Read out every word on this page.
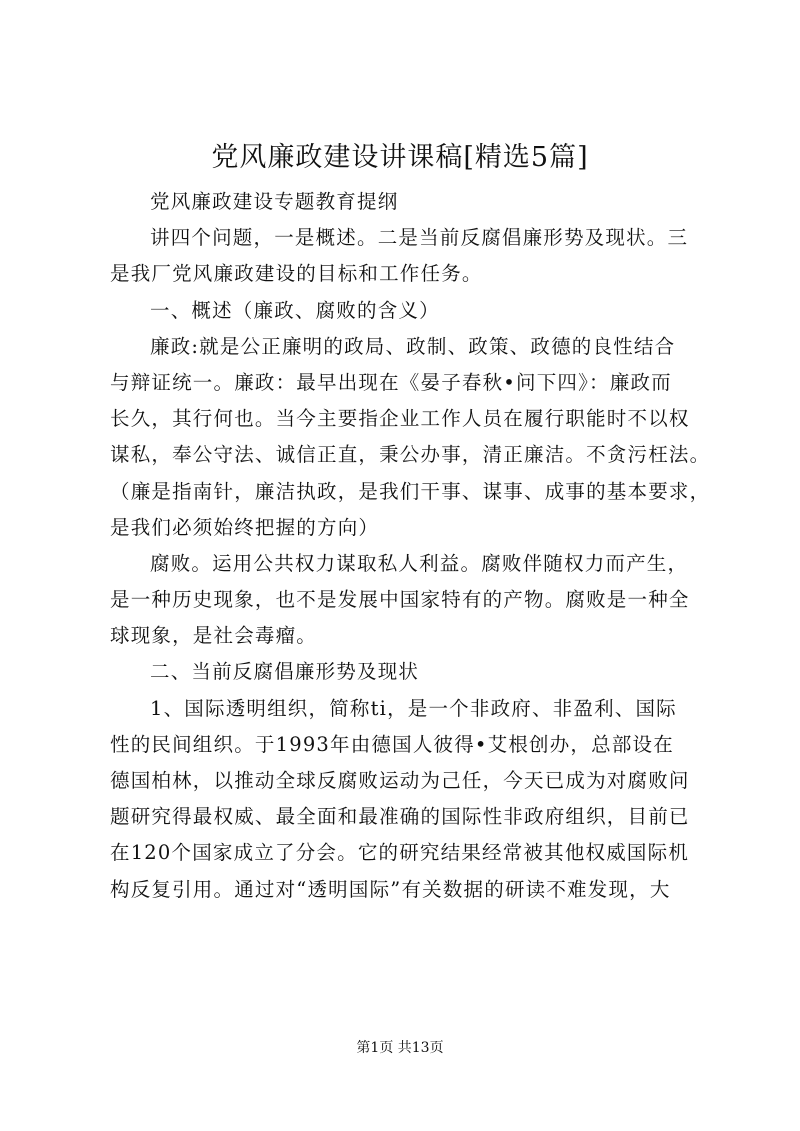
党风廉政建设讲课稿[精选5篇]
党风廉政建设专题教育提纲
讲四个问题，一是概述。二是当前反腐倡廉形势及现状。三
是我厂党风廉政建设的目标和工作任务。
一、概述（廉政、腐败的含义）
廉政:就是公正廉明的政局、政制、政策、政德的良性结合
与辩证统一。廉政：最早出现在《晏子春秋•问下四》：廉政而
长久，其行何也。当今主要指企业工作人员在履行职能时不以权
谋私，奉公守法、诚信正直，秉公办事，清正廉洁。不贪污枉法。
（廉是指南针，廉洁执政，是我们干事、谋事、成事的基本要求，
是我们必须始终把握的方向）
腐败。运用公共权力谋取私人利益。腐败伴随权力而产生，
是一种历史现象，也不是发展中国家特有的产物。腐败是一种全
球现象，是社会毒瘤。
二、当前反腐倡廉形势及现状
1、国际透明组织，简称ti，是一个非政府、非盈利、国际
性的民间组织。于1993年由德国人彼得•艾根创办，总部设在
德国柏林，以推动全球反腐败运动为己任，今天已成为对腐败问
题研究得最权威、最全面和最准确的国际性非政府组织，目前已
在120个国家成立了分会。它的研究结果经常被其他权威国际机
构反复引用。通过对“透明国际”有关数据的研读不难发现，大
第1页 共13页
